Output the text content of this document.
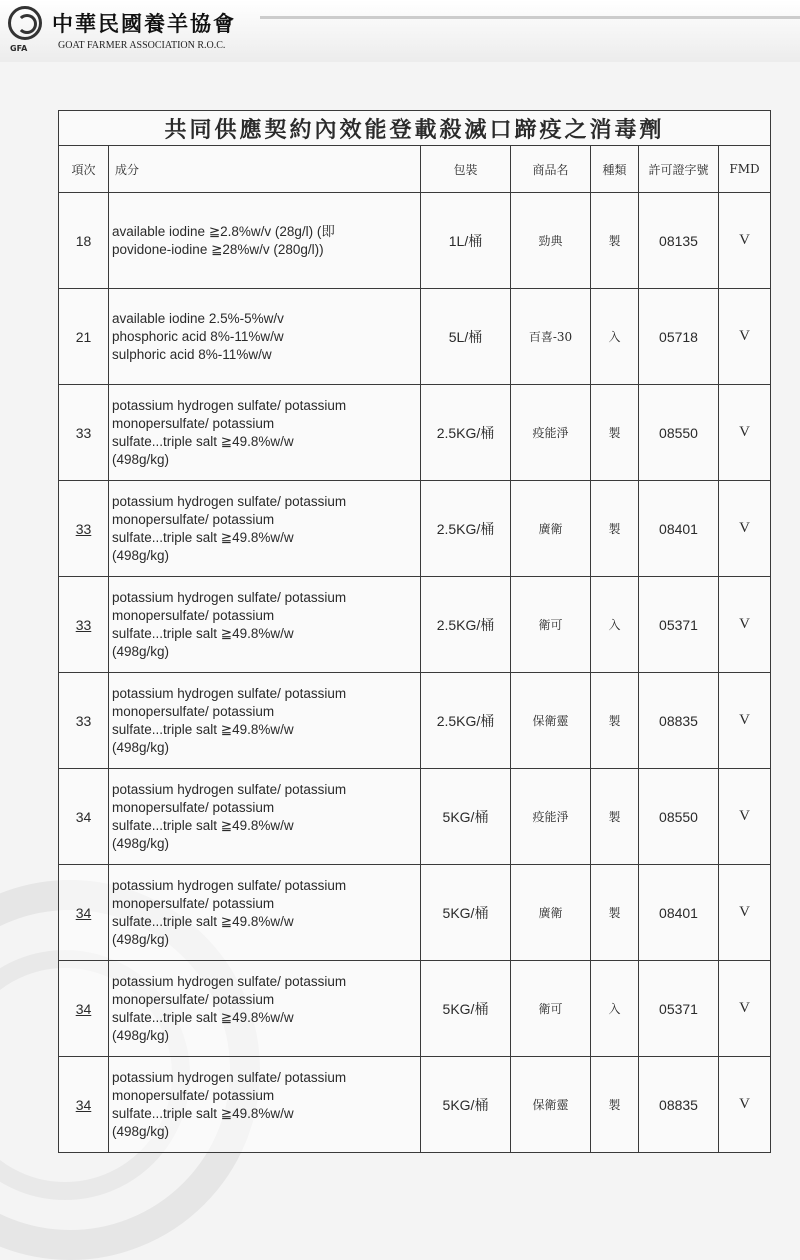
GFA
中華民國養羊協會
GOAT FARMER ASSOCIATION R.O.C.
共同供應契約內效能登載殺滅口蹄疫之消毒劑						
項次	成分	包裝	商品名	種類	許可證字號	FMD
18	available iodine ≧2.8%w/v (28g/l) (即
povidone-iodine ≧28%w/v (280g/l))	1L/桶	勁典	製	08135	V
21	available iodine 2.5%-5%w/v
phosphoric acid 8%-11%w/w
sulphoric acid 8%-11%w/w	5L/桶	百喜-30	入	05718	V
33	potassium hydrogen sulfate/ potassium
monopersulfate/ potassium
sulfate...triple salt ≧49.8%w/w
(498g/kg)	2.5KG/桶	疫能淨	製	08550	V
33	potassium hydrogen sulfate/ potassium
monopersulfate/ potassium
sulfate...triple salt ≧49.8%w/w
(498g/kg)	2.5KG/桶	廣衛	製	08401	V
33	potassium hydrogen sulfate/ potassium
monopersulfate/ potassium
sulfate...triple salt ≧49.8%w/w
(498g/kg)	2.5KG/桶	衛可	入	05371	V
33	potassium hydrogen sulfate/ potassium
monopersulfate/ potassium
sulfate...triple salt ≧49.8%w/w
(498g/kg)	2.5KG/桶	保衛靈	製	08835	V
34	potassium hydrogen sulfate/ potassium
monopersulfate/ potassium
sulfate...triple salt ≧49.8%w/w
(498g/kg)	5KG/桶	疫能淨	製	08550	V
34	potassium hydrogen sulfate/ potassium
monopersulfate/ potassium
sulfate...triple salt ≧49.8%w/w
(498g/kg)	5KG/桶	廣衛	製	08401	V
34	potassium hydrogen sulfate/ potassium
monopersulfate/ potassium
sulfate...triple salt ≧49.8%w/w
(498g/kg)	5KG/桶	衛可	入	05371	V
34	potassium hydrogen sulfate/ potassium
monopersulfate/ potassium
sulfate...triple salt ≧49.8%w/w
(498g/kg)	5KG/桶	保衛靈	製	08835	V
